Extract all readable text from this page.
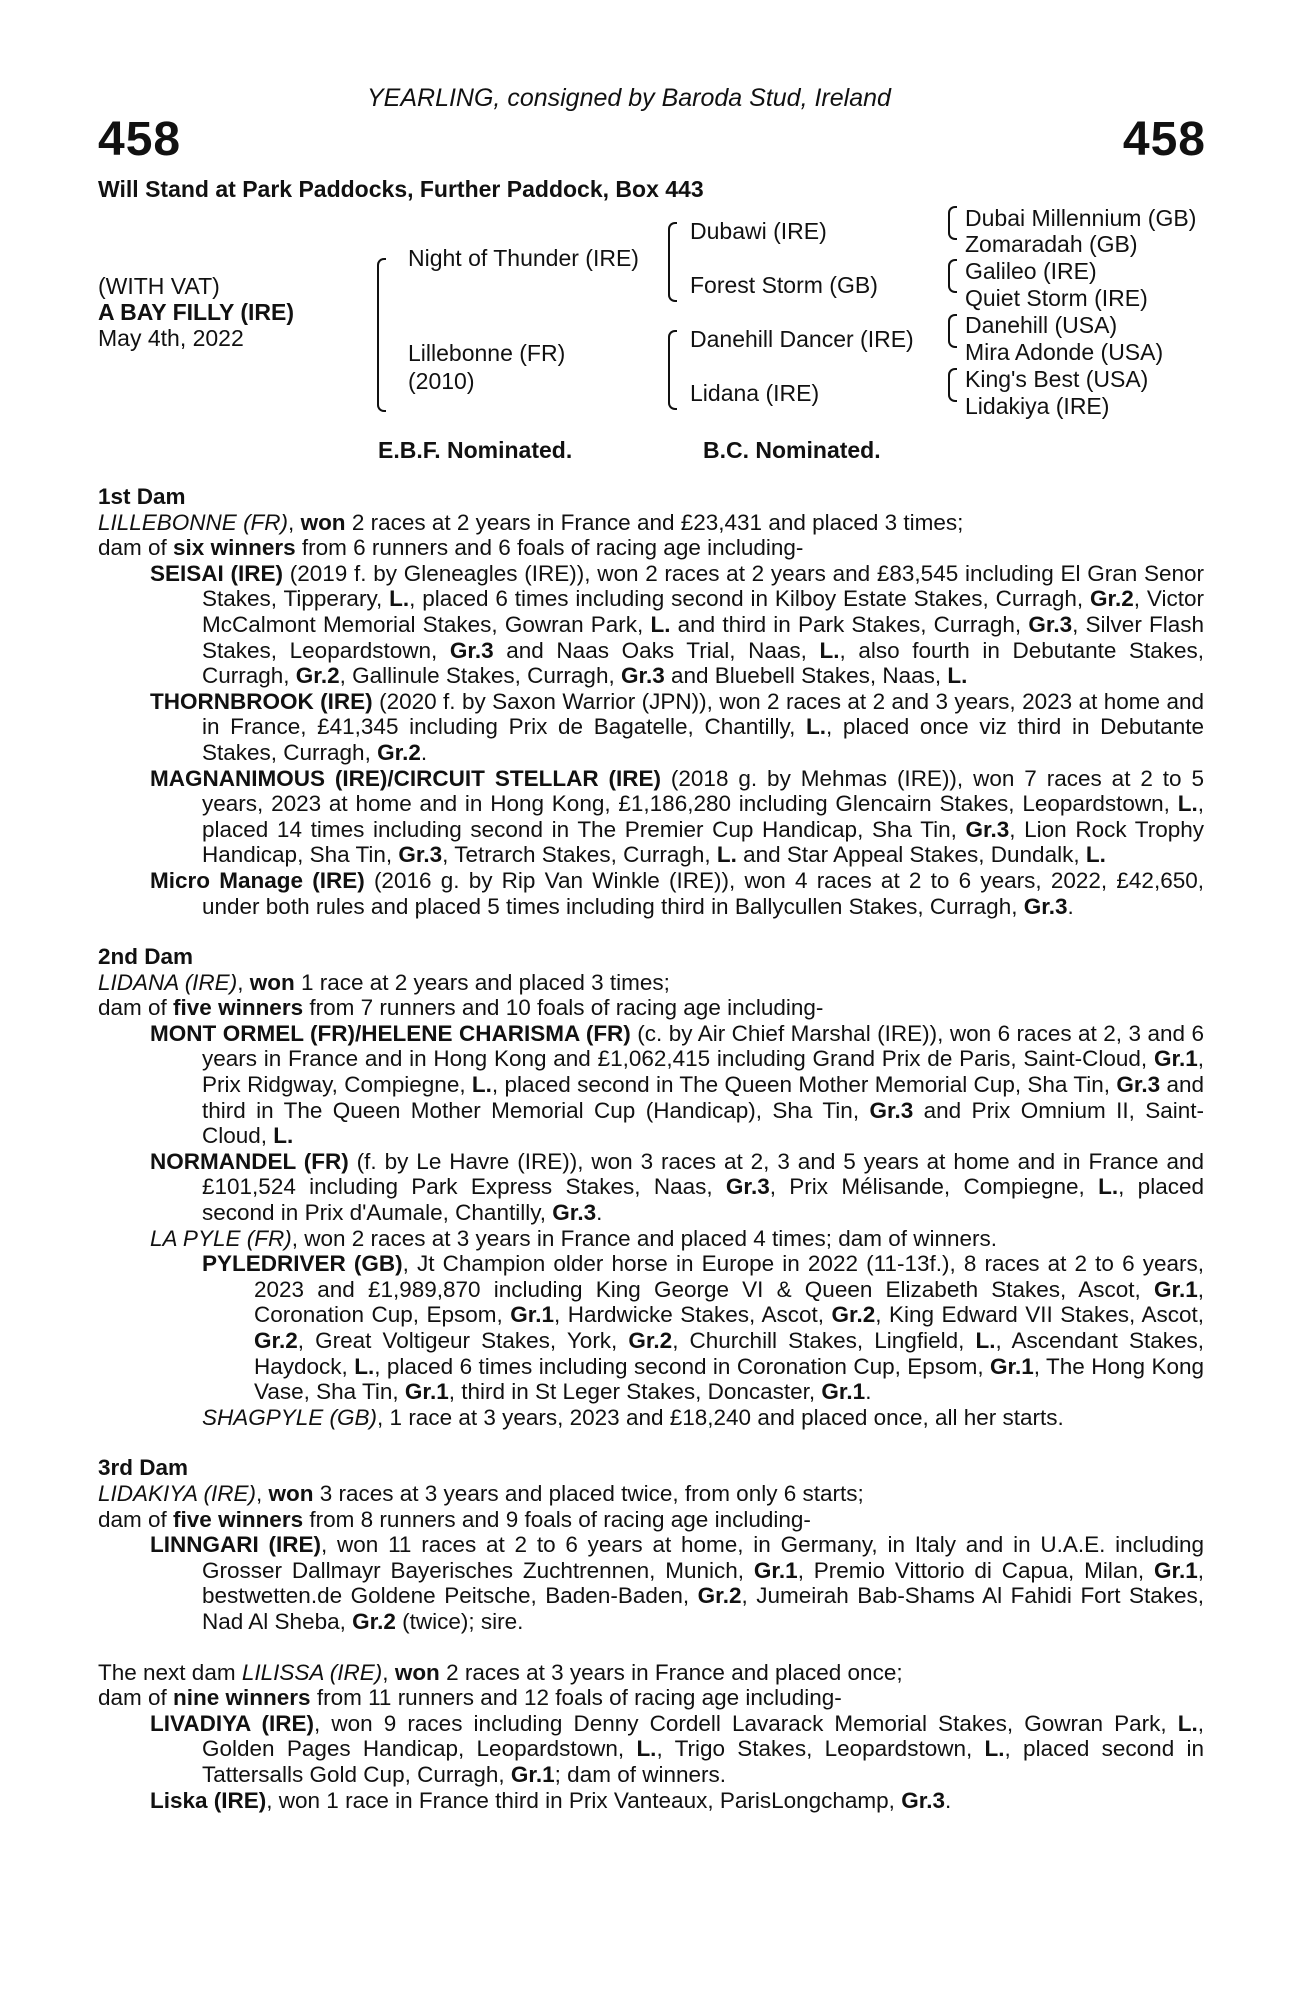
YEARLING, consigned by Baroda Stud, Ireland
458	458
Will Stand at Park Paddocks, Further Paddock, Box 443
(WITH VAT)
A BAY FILLY (IRE)
May 4th, 2022
Night of Thunder (IRE)
Lillebonne (FR)
(2010)
Dubawi (IRE)
Forest Storm (GB)
Danehill Dancer (IRE)
Lidana (IRE)
Dubai Millennium (GB)
Zomaradah (GB)
Galileo (IRE)
Quiet Storm (IRE)
Danehill (USA)
Mira Adonde (USA)
King's Best (USA)
Lidakiya (IRE)
E.B.F. Nominated.	B.C. Nominated.
1st Dam

LILLEBONNE (FR), won 2 races at 2 years in France and £23,431 and placed 3 times;

dam of six winners from 6 runners and 6 foals of racing age including-

SEISAI (IRE) (2019 f. by Gleneagles (IRE)), won 2 races at 2 years and £83,545 including El Gran Senor Stakes, Tipperary, L., placed 6 times including second in Kilboy Estate Stakes, Curragh, Gr.2, Victor McCalmont Memorial Stakes, Gowran Park, L. and third in Park Stakes, Curragh, Gr.3, Silver Flash Stakes, Leopardstown, Gr.3 and Naas Oaks Trial, Naas, L., also fourth in Debutante Stakes, Curragh, Gr.2, Gallinule Stakes, Curragh, Gr.3 and Bluebell Stakes, Naas, L.

THORNBROOK (IRE) (2020 f. by Saxon Warrior (JPN)), won 2 races at 2 and 3 years, 2023 at home and in France, £41,345 including Prix de Bagatelle, Chantilly, L., placed once viz third in Debutante Stakes, Curragh, Gr.2.

MAGNANIMOUS (IRE)/CIRCUIT STELLAR (IRE) (2018 g. by Mehmas (IRE)), won 7 races at 2 to 5 years, 2023 at home and in Hong Kong, £1,186,280 including Glencairn Stakes, Leopardstown, L., placed 14 times including second in The Premier Cup Handicap, Sha Tin, Gr.3, Lion Rock Trophy Handicap, Sha Tin, Gr.3, Tetrarch Stakes, Curragh, L. and Star Appeal Stakes, Dundalk, L.

Micro Manage (IRE) (2016 g. by Rip Van Winkle (IRE)), won 4 races at 2 to 6 years, 2022, £42,650, under both rules and placed 5 times including third in Ballycullen Stakes, Curragh, Gr.3.

2nd Dam

LIDANA (IRE), won 1 race at 2 years and placed 3 times;

dam of five winners from 7 runners and 10 foals of racing age including-

MONT ORMEL (FR)/HELENE CHARISMA (FR) (c. by Air Chief Marshal (IRE)), won 6 races at 2, 3 and 6 years in France and in Hong Kong and £1,062,415 including Grand Prix de Paris, Saint-Cloud, Gr.1, Prix Ridgway, Compiegne, L., placed second in The Queen Mother Memorial Cup, Sha Tin, Gr.3 and third in The Queen Mother Memorial Cup (Handicap), Sha Tin, Gr.3 and Prix Omnium II, Saint-Cloud, L.

NORMANDEL (FR) (f. by Le Havre (IRE)), won 3 races at 2, 3 and 5 years at home and in France and £101,524 including Park Express Stakes, Naas, Gr.3, Prix Mélisande, Compiegne, L., placed second in Prix d'Aumale, Chantilly, Gr.3.

LA PYLE (FR), won 2 races at 3 years in France and placed 4 times; dam of winners.

PYLEDRIVER (GB), Jt Champion older horse in Europe in 2022 (11-13f.), 8 races at 2 to 6 years, 2023 and £1,989,870 including King George VI & Queen Elizabeth Stakes, Ascot, Gr.1, Coronation Cup, Epsom, Gr.1, Hardwicke Stakes, Ascot, Gr.2, King Edward VII Stakes, Ascot, Gr.2, Great Voltigeur Stakes, York, Gr.2, Churchill Stakes, Lingfield, L., Ascendant Stakes, Haydock, L., placed 6 times including second in Coronation Cup, Epsom, Gr.1, The Hong Kong Vase, Sha Tin, Gr.1, third in St Leger Stakes, Doncaster, Gr.1.

SHAGPYLE (GB), 1 race at 3 years, 2023 and £18,240 and placed once, all her starts.

3rd Dam

LIDAKIYA (IRE), won 3 races at 3 years and placed twice, from only 6 starts;

dam of five winners from 8 runners and 9 foals of racing age including-

LINNGARI (IRE), won 11 races at 2 to 6 years at home, in Germany, in Italy and in U.A.E. including Grosser Dallmayr Bayerisches Zuchtrennen, Munich, Gr.1, Premio Vittorio di Capua, Milan, Gr.1, bestwetten.de Goldene Peitsche, Baden-Baden, Gr.2, Jumeirah Bab-Shams Al Fahidi Fort Stakes, Nad Al Sheba, Gr.2 (twice); sire.

The next dam LILISSA (IRE), won 2 races at 3 years in France and placed once;

dam of nine winners from 11 runners and 12 foals of racing age including-

LIVADIYA (IRE), won 9 races including Denny Cordell Lavarack Memorial Stakes, Gowran Park, L., Golden Pages Handicap, Leopardstown, L., Trigo Stakes, Leopardstown, L., placed second in Tattersalls Gold Cup, Curragh, Gr.1; dam of winners.

Liska (IRE), won 1 race in France third in Prix Vanteaux, ParisLongchamp, Gr.3.
